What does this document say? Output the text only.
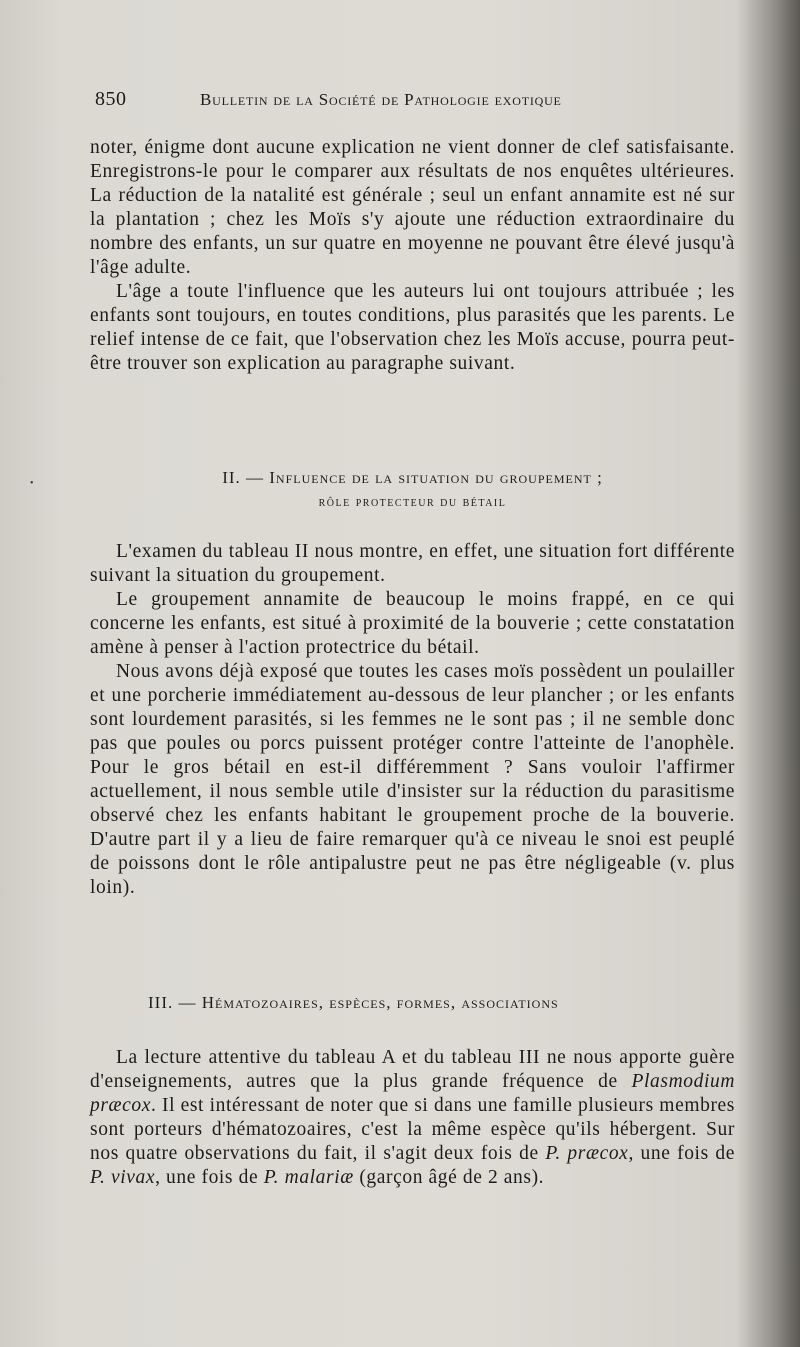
850	Bulletin de la Société de Pathologie exotique

noter, énigme dont aucune explication ne vient donner de clef satisfaisante. Enregistrons-le pour le comparer aux résultats de nos enquêtes ultérieures. La réduction de la natalité est générale ; seul un enfant annamite est né sur la plantation ; chez les Moïs s'y ajoute une réduction extraordinaire du nombre des enfants, un sur quatre en moyenne ne pouvant être élevé jusqu'à l'âge adulte.

L'âge a toute l'influence que les auteurs lui ont toujours attribuée ; les enfants sont toujours, en toutes conditions, plus parasités que les parents. Le relief intense de ce fait, que l'observation chez les Moïs accuse, pourra peut-être trouver son explication au paragraphe suivant.

II. — Influence de la situation du groupement ;
rôle protecteur du bétail

L'examen du tableau II nous montre, en effet, une situation fort différente suivant la situation du groupement.

Le groupement annamite de beaucoup le moins frappé, en ce qui concerne les enfants, est situé à proximité de la bouverie ; cette constatation amène à penser à l'action protectrice du bétail.

Nous avons déjà exposé que toutes les cases moïs possèdent un poulailler et une porcherie immédiatement au-dessous de leur plancher ; or les enfants sont lourdement parasités, si les femmes ne le sont pas ; il ne semble donc pas que poules ou porcs puissent protéger contre l'atteinte de l'anophèle. Pour le gros bétail en est-il différemment ? Sans vouloir l'affirmer actuellement, il nous semble utile d'insister sur la réduction du parasitisme observé chez les enfants habitant le groupement proche de la bouverie. D'autre part il y a lieu de faire remarquer qu'à ce niveau le snoi est peuplé de poissons dont le rôle antipalustre peut ne pas être négligeable (v. plus loin).

III. — Hématozoaires, espèces, formes, associations

La lecture attentive du tableau A et du tableau III ne nous apporte guère d'enseignements, autres que la plus grande fréquence de Plasmodium præcox. Il est intéressant de noter que si dans une famille plusieurs membres sont porteurs d'hématozoaires, c'est la même espèce qu'ils hébergent. Sur nos quatre observations du fait, il s'agit deux fois de P. præcox, une fois de P. vivax, une fois de P. malariæ (garçon âgé de 2 ans).

•
